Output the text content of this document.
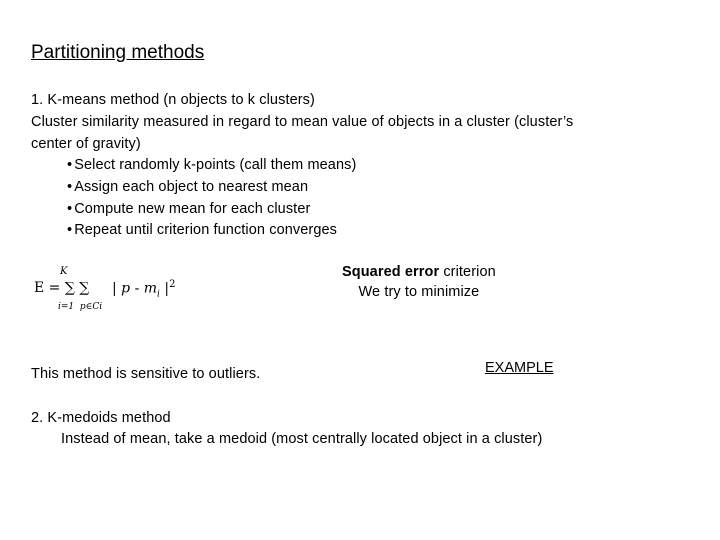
Partitioning methods
1. K-means method (n objects to k clusters)
Cluster similarity measured in regard to mean value of objects in a cluster (cluster’s
center of gravity)
• Select randomly k-points (call them means)
• Assign each object to nearest mean
• Compute new mean for each cluster
• Repeat until criterion function converges
K
E = ∑ ∑
i=1 p∈Ci
| p - $m_i$ $|^2$
Squared error criterion
We try to minimize
This method is sensitive to outliers.	EXAMPLE
2. K-medoids method
Instead of mean, take a medoid (most centrally located object in a cluster)
